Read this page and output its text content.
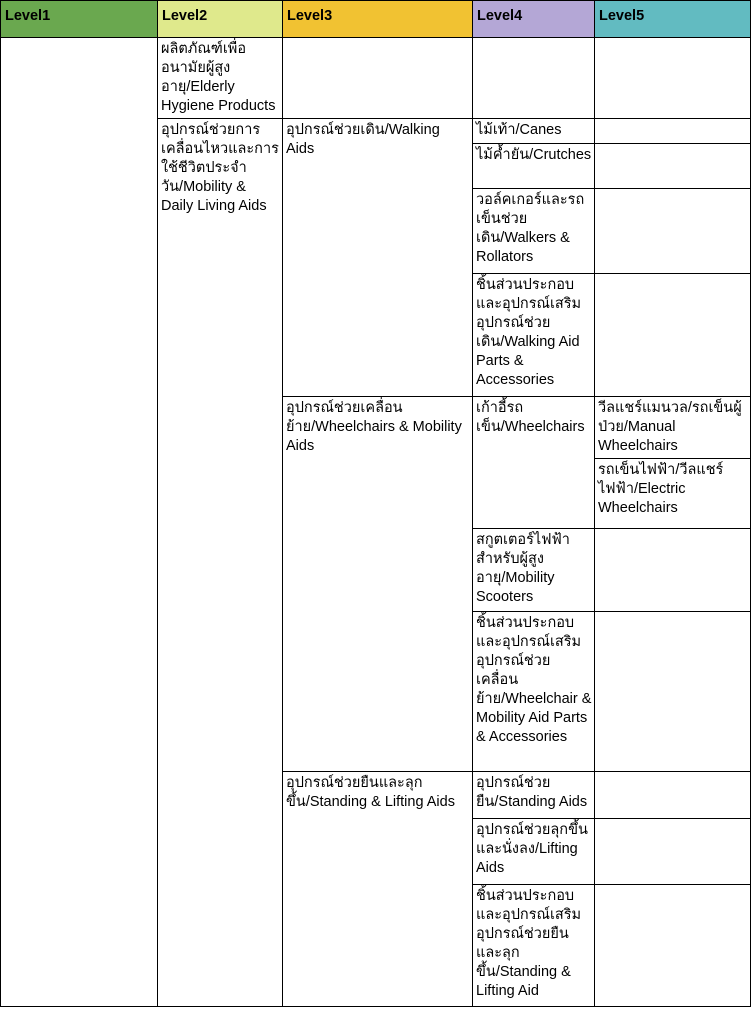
Level1	Level2	Level3	Level4	Level5
	ผลิตภัณฑ์เพื่ออนามัยผู้สูงอายุ/Elderly Hygiene Products			
	อุปกรณ์ช่วยการเคลื่อนไหวและการใช้ชีวิตประจำวัน/Mobility & Daily Living Aids	อุปกรณ์ช่วยเดิน/Walking Aids	ไม้เท้า/Canes	
			ไม้ค้ำยัน/Crutches	
			วอล์คเกอร์และรถเข็นช่วยเดิน/Walkers & Rollators	
			ชิ้นส่วนประกอบและอุปกรณ์เสริมอุปกรณ์ช่วยเดิน/Walking Aid Parts & Accessories	
		อุปกรณ์ช่วยเคลื่อนย้าย/Wheelchairs & Mobility Aids	เก้าอี้รถเข็น/Wheelchairs	วีลแชร์แมนวล/รถเข็นผู้ป่วย/Manual Wheelchairs
				รถเข็นไฟฟ้า/วีลแชร์ไฟฟ้า/Electric Wheelchairs
			สกูตเตอร์ไฟฟ้าสำหรับผู้สูงอายุ/Mobility Scooters	
			ชิ้นส่วนประกอบและอุปกรณ์เสริมอุปกรณ์ช่วยเคลื่อนย้าย/Wheelchair & Mobility Aid Parts & Accessories	
		อุปกรณ์ช่วยยืนและลุกขึ้น/Standing & Lifting Aids	อุปกรณ์ช่วยยืน/Standing Aids	
			อุปกรณ์ช่วยลุกขึ้นและนั่งลง/Lifting Aids	
			ชิ้นส่วนประกอบและอุปกรณ์เสริมอุปกรณ์ช่วยยืนและลุกขึ้น/Standing & Lifting Aid	
